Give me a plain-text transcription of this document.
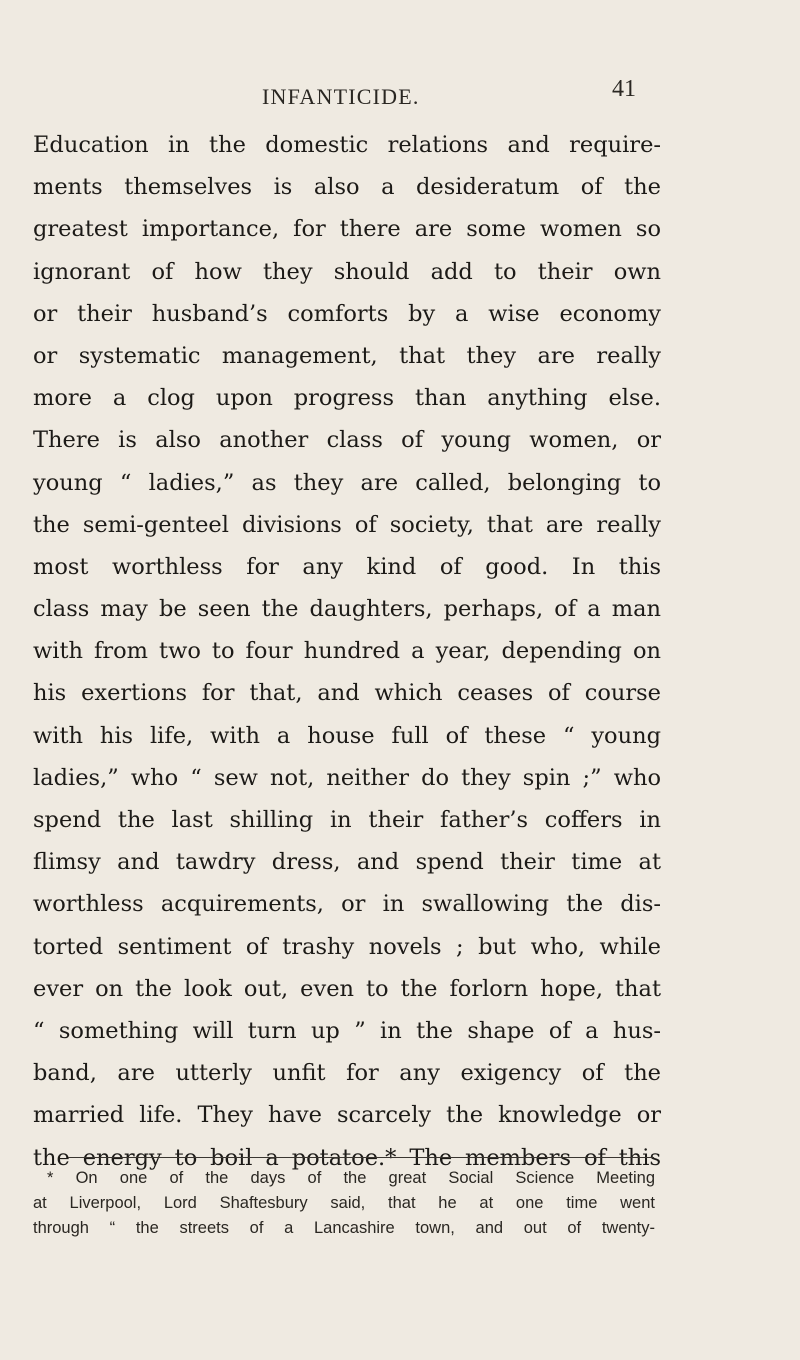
INFANTICIDE.	41
Education in the domestic relations and require-
ments themselves is also a desideratum of the
greatest importance, for there are some women so
ignorant of how they should add to their own
or their husband’s comforts by a wise economy
or systematic management, that they are really
more a clog upon progress than anything else.
There is also another class of young women, or
young “ ladies,” as they are called, belonging to
the semi-genteel divisions of society, that are really
most worthless for any kind of good. In this
class may be seen the daughters, perhaps, of a man
with from two to four hundred a year, depending on
his exertions for that, and which ceases of course
with his life, with a house full of these “ young
ladies,” who “ sew not, neither do they spin ;” who
spend the last shilling in their father’s coffers in
flimsy and tawdry dress, and spend their time at
worthless acquirements, or in swallowing the dis-
torted sentiment of trashy novels ; but who, while
ever on the look out, even to the forlorn hope, that
“ something will turn up ” in the shape of a hus-
band, are utterly unfit for any exigency of the
married life. They have scarcely the knowledge or
the energy to boil a potatoe.* The members of this
* On one of the days of the great Social Science Meeting
at Liverpool, Lord Shaftesbury said, that he at one time went
through “ the streets of a Lancashire town, and out of twenty-
